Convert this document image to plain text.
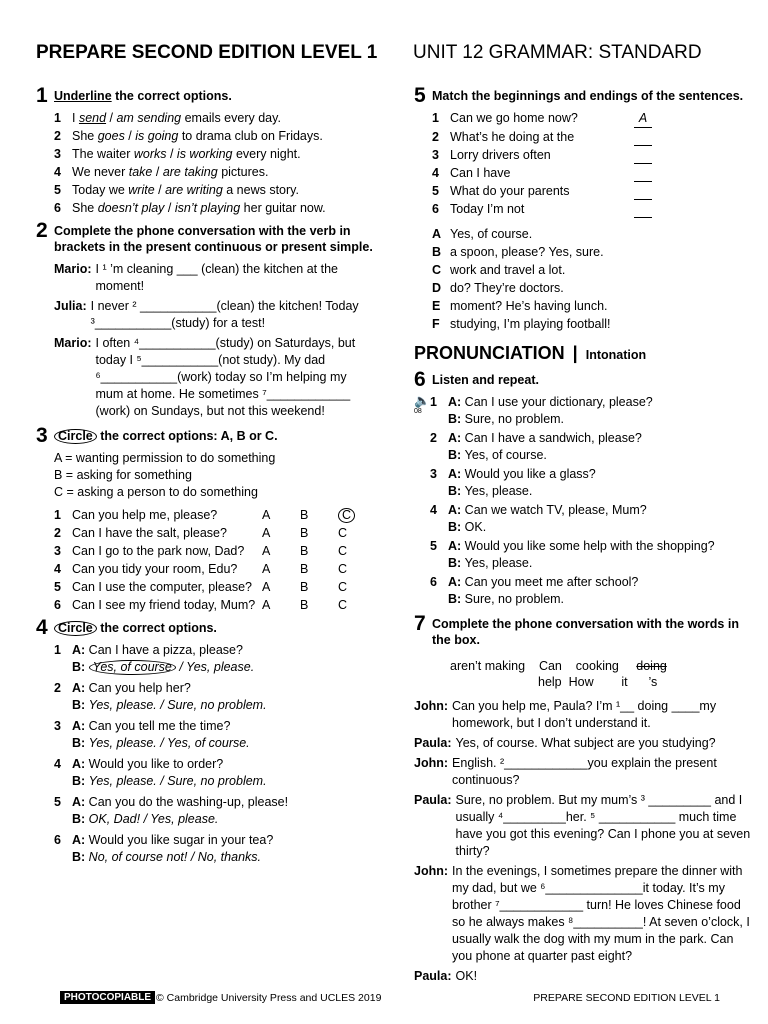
PREPARE SECOND EDITION LEVEL 1 UNIT 12 GRAMMAR: STANDARD
1 Underline the correct options.
1 I send / am sending emails every day.
2 She goes / is going to drama club on Fridays.
3 The waiter works / is working every night.
4 We never take / are taking pictures.
5 Today we write / are writing a news story.
6 She doesn’t play / isn’t playing her guitar now.
2 Complete the phone conversation with the verb in brackets in the present continuous or present simple.
Mario: I ¹ ’m cleaning ___ (clean) the kitchen at the moment!
Julia: I never ² ___________(clean) the kitchen! Today ³___________(study) for a test!
Mario: I often ⁴___________(study) on Saturdays, but today I ⁵___________(not study). My dad ⁶___________(work) today so I’m helping my mum at home. He sometimes ⁷____________ (work) on Sundays, but not this weekend!
3 Circle the correct options: A, B or C.
A = wanting permission to do something
B = asking for something
C = asking a person to do something
1 Can you help me, please?	A	B	C
2 Can I have the salt, please?	A	B	C
3 Can I go to the park now, Dad?	A	B	C
4 Can you tidy your room, Edu?	A	B	C
5 Can I use the computer, please? A	B	C
6 Can I see my friend today, Mum? A	B	C
4 Circle the correct options.
1 A: Can I have a pizza, please?
B: Yes, of course / Yes, please.
2 A: Can you help her?
B: Yes, please. / Sure, no problem.
3 A: Can you tell me the time?
B: Yes, please. / Yes, of course.
4 A: Would you like to order?
B: Yes, please. / Sure, no problem.
5 A: Can you do the washing-up, please!
B: OK, Dad! / Yes, please.
6 A: Would you like sugar in your tea?
B: No, of course not! / No, thanks.
5 Match the beginnings and endings of the sentences.
1 Can we go home now?	A
2 What’s he doing at the
3 Lorry drivers often
4 Can I have
5 What do your parents
6 Today I’m not
A Yes, of course.
B a spoon, please? Yes, sure.
C work and travel a lot.
D do? They’re doctors.
E moment? He’s having lunch.
F studying, I’m playing football!
PRONUNCIATION | Intonation
6 Listen and repeat.
🔈
08
1 A: Can I use your dictionary, please?
B: Sure, no problem.
2 A: Can I have a sandwich, please?
B: Yes, of course.
3 A: Would you like a glass?
B: Yes, please.
4 A: Can we watch TV, please, Mum?
B: OK.
5 A: Would you like some help with the shopping?
B: Yes, please.
6 A: Can you meet me after school?
B: Sure, no problem.
7 Complete the phone conversation with the words in the box.
aren’t making Can cooking doing
help How it ’s
John: Can you help me, Paula? I’m ¹__ doing ____my homework, but I don’t understand it.
Paula: Yes, of course. What subject are you studying?
John: English. ²____________you explain the present continuous?
Paula: Sure, no problem. But my mum’s ³ _________ and I usually ⁴_________her. ⁵ ___________ much time have you got this evening? Can I phone you at seven thirty?
John: In the evenings, I sometimes prepare the dinner with my dad, but we ⁶______________it today. It’s my brother ⁷____________ turn! He loves Chinese food so he always makes ⁸__________! At seven o’clock, I usually walk the dog with my mum in the park. Can you phone at quarter past eight?
Paula: OK!
PHOTOCOPIABLE © Cambridge University Press and UCLES 2019	PREPARE SECOND EDITION LEVEL 1
